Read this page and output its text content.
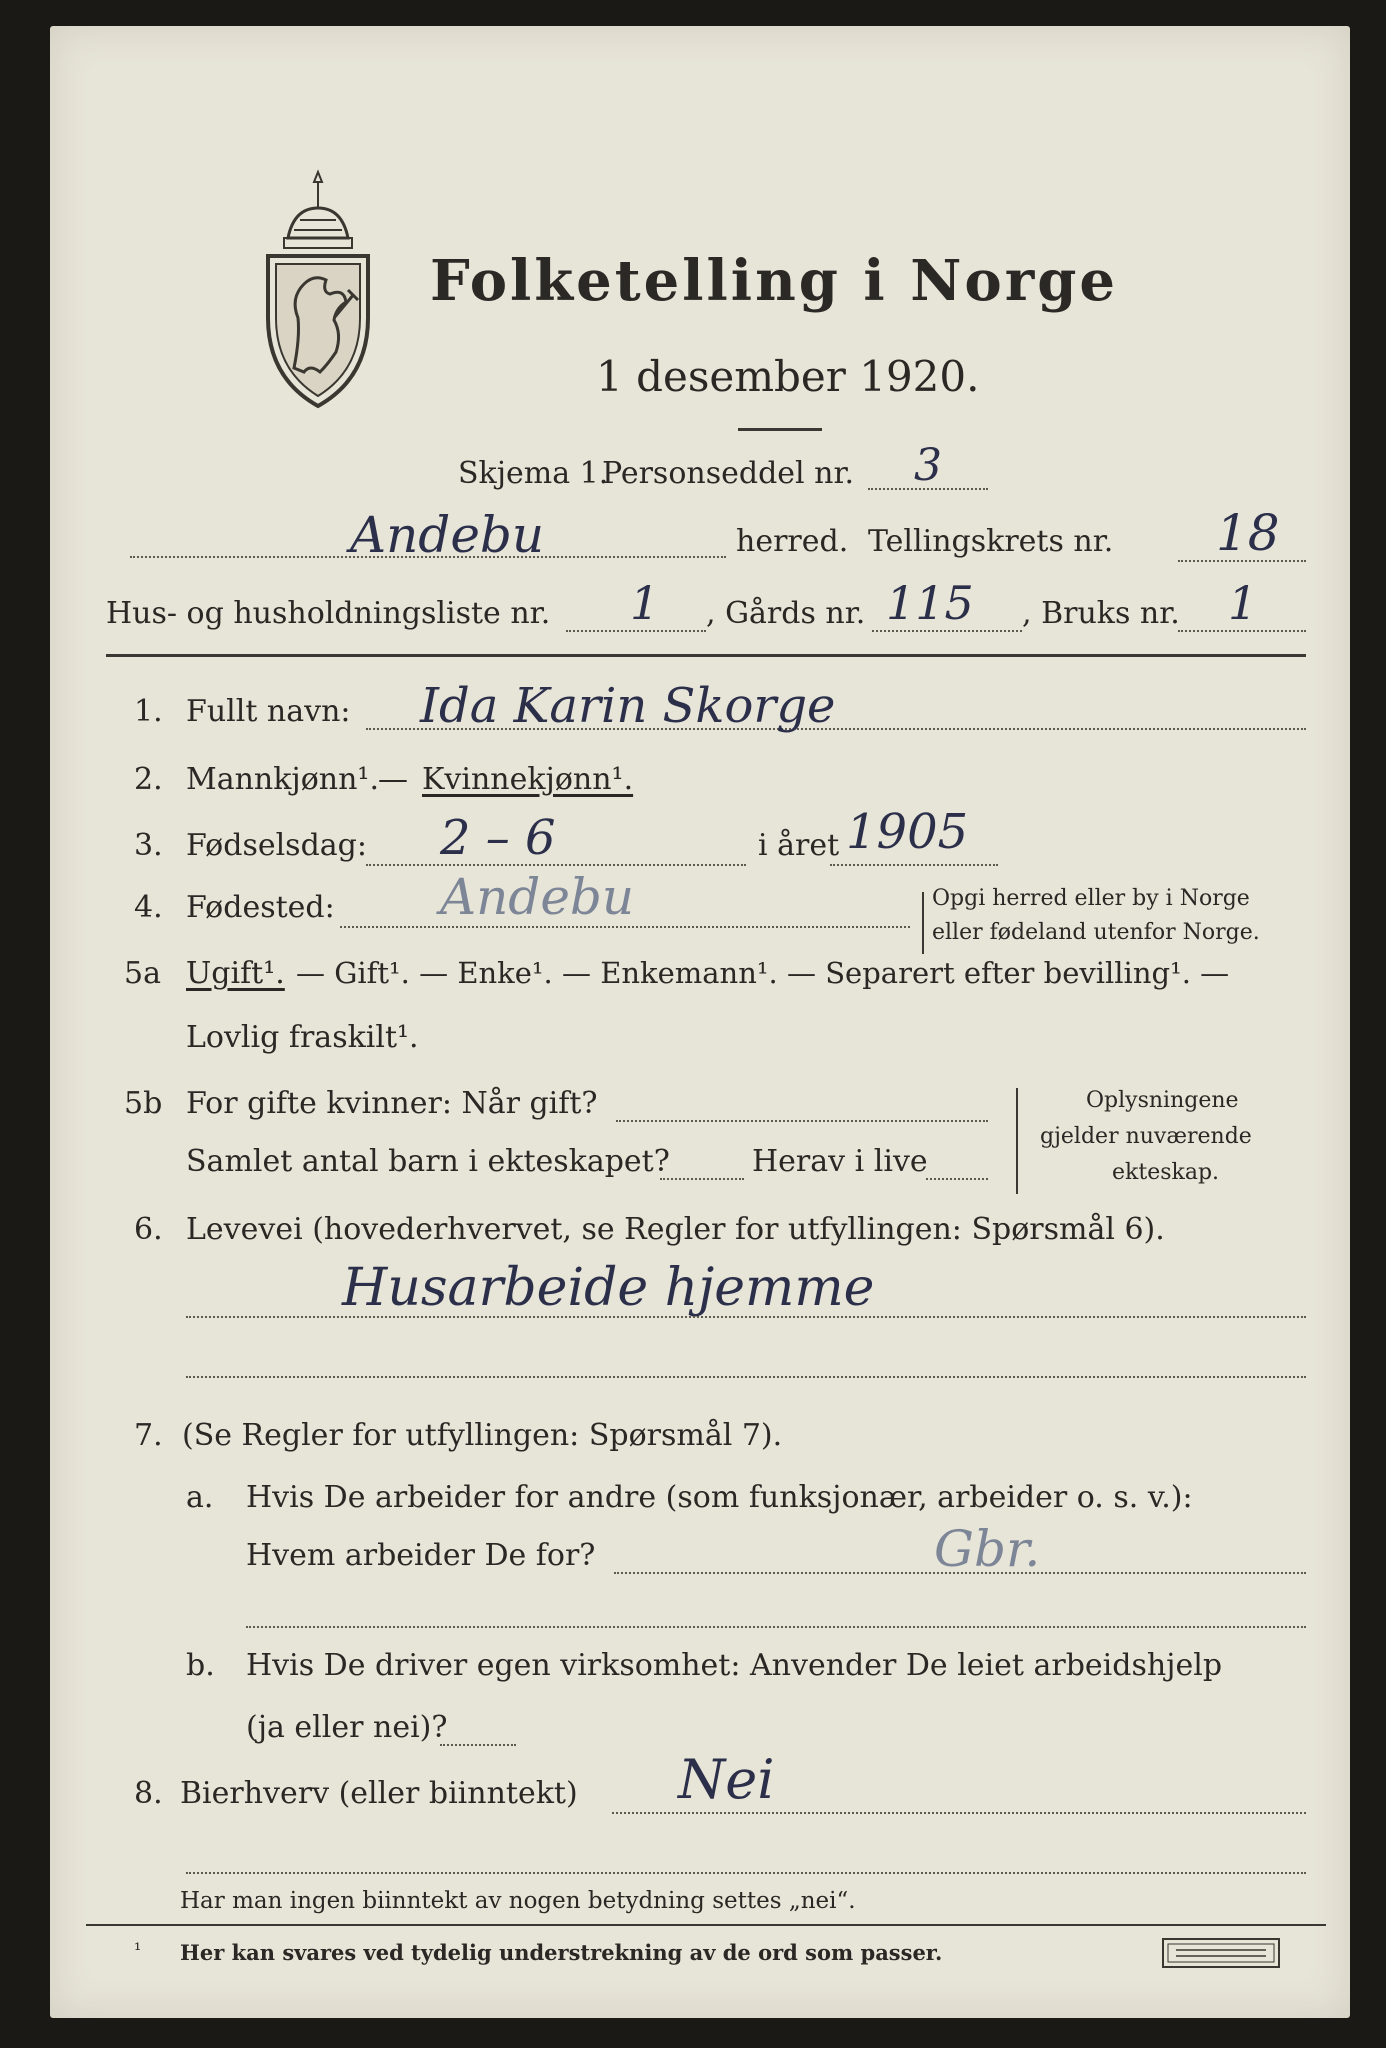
Folketelling i Norge
1 desember 1920.
Skjema 1.
Personseddel nr. 3
Andebu	herred. Tellingskrets nr. 18
Hus- og husholdningsliste nr. 1 , Gårds nr. 115 , Bruks nr. 1
1. Fullt navn: Ida Karin Skorge
2. Mannkjønn¹. — Kvinnekjønn¹.
3. Fødselsdag: 2 – 6	i året 1905
4. Fødested: Andebu	Opgi herred eller by i Norge
eller fødeland utenfor Norge.
5a Ugift¹. — Gift¹. — Enke¹. — Enkemann¹. — Separert efter bevilling¹. —
Lovlig fraskilt¹.
5b For gifte kvinner: Når gift?
Samlet antal barn i ekteskapet?	Herav i live
Oplysningene
gjelder nuværende
ekteskap.
6. Levevei (hovederhvervet, se Regler for utfyllingen: Spørsmål 6).
Husarbeide hjemme
7. (Se Regler for utfyllingen: Spørsmål 7).
a. Hvis De arbeider for andre (som funksjonær, arbeider o. s. v.):
Hvem arbeider De for?	Gbr.
b. Hvis De driver egen virksomhet: Anvender De leiet arbeidshjelp
(ja eller nei)?
8. Bierhverv (eller biinntekt) Nei
Har man ingen biinntekt av nogen betydning settes „nei“.
¹ Her kan svares ved tydelig understrekning av de ord som passer.
